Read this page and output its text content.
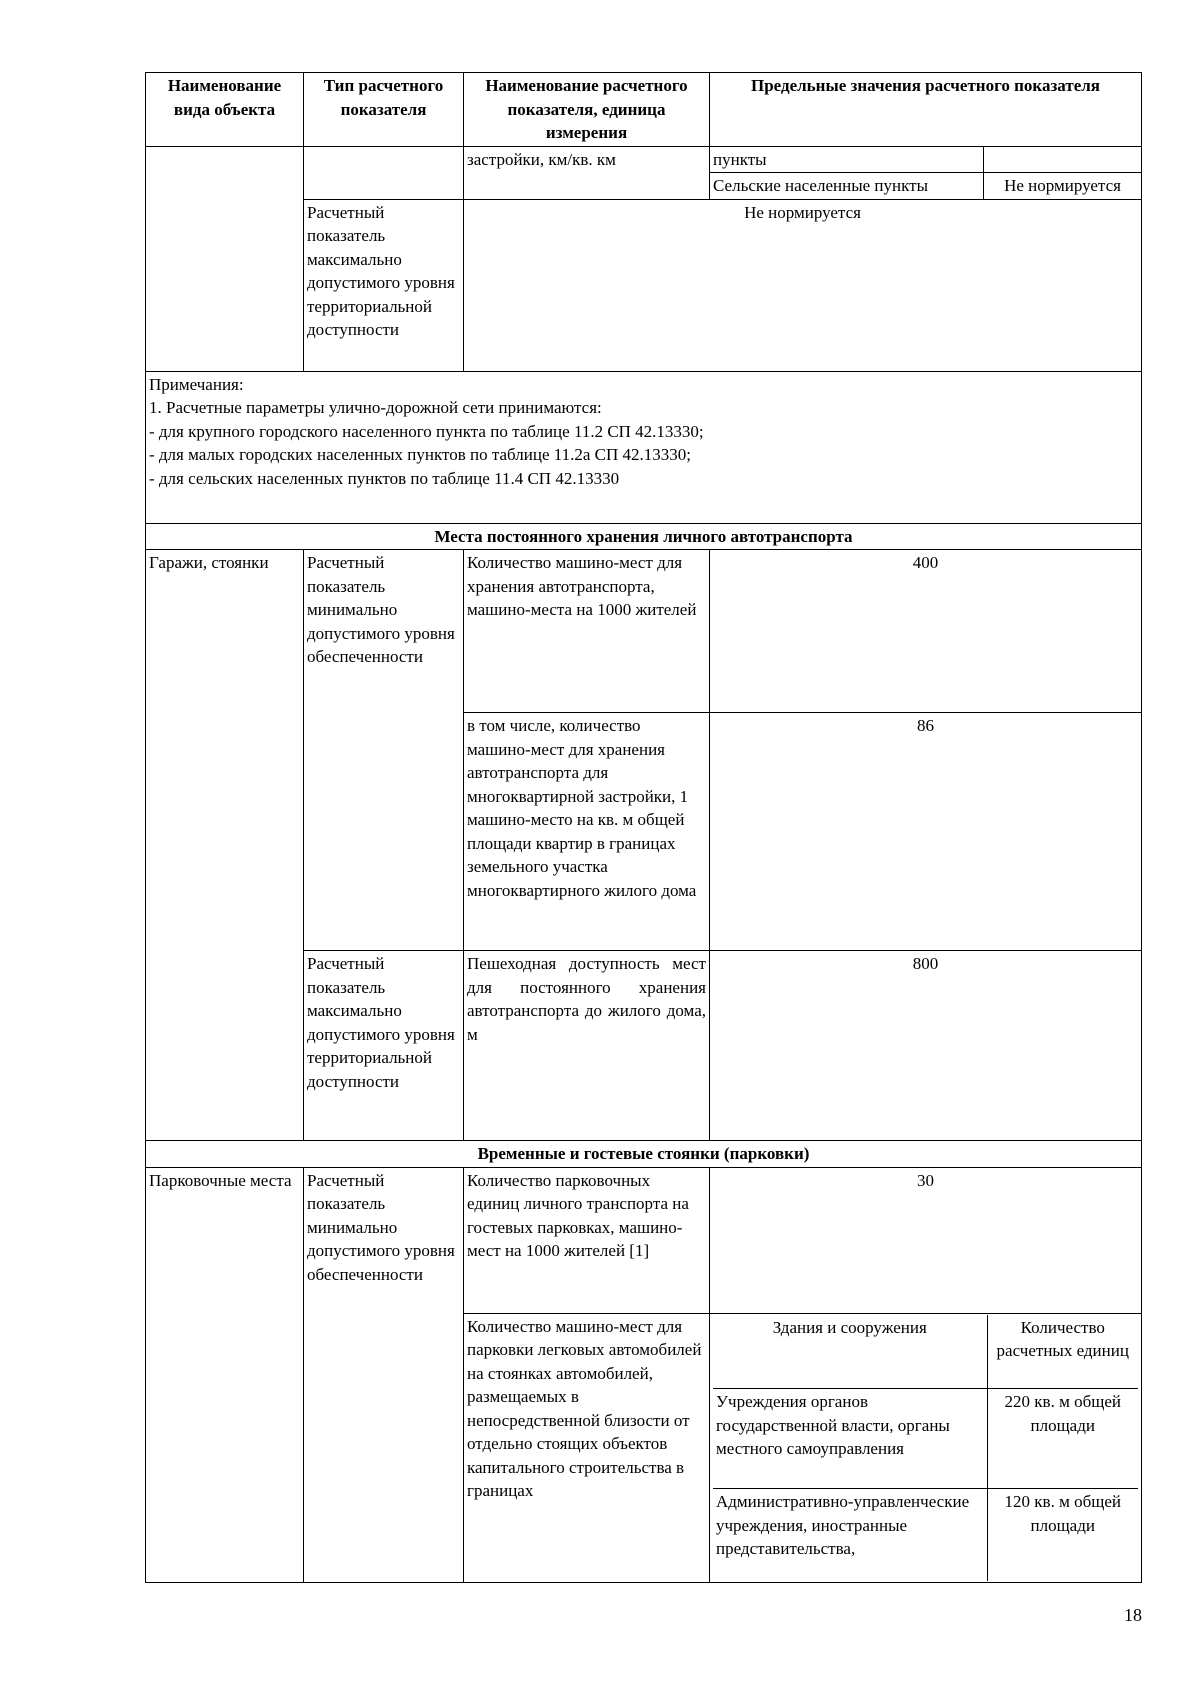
Наименование вида объекта	Тип расчетного показателя	Наименование расчетного показателя, единица измерения	Предельные значения расчетного показателя
		застройки, км/кв. км	пункты	
Сельские населенные пункты	Не нормируется
Расчетный показатель максимально допустимого уровня территориальной доступности	Не нормируется

Примечания:
1. Расчетные параметры улично-дорожной сети принимаются:
- для крупного городского населенного пункта по таблице 11.2 СП 42.13330;
- для малых городских населенных пунктов по таблице 11.2а СП 42.13330;
- для сельских населенных пунктов по таблице 11.4 СП 42.13330

Места постоянного хранения личного автотранспорта
Гаражи, стоянки	Расчетный показатель минимально допустимого уровня обеспеченности	Количество машино-мест для хранения автотранспорта, машино-места на 1000 жителей	400
в том числе, количество машино-мест для хранения автотранспорта для многоквартирной застройки, 1 машино-место на кв. м общей площади квартир в границах земельного участка многоквартирного жилого дома	86
Расчетный показатель максимально допустимого уровня территориальной доступности	Пешеходная доступность мест для постоянного хранения автотранспорта до жилого дома, м	800
Временные и гостевые стоянки (парковки)
Парковочные места	Расчетный показатель минимально допустимого уровня обеспеченности	Количество парковочных единиц личного транспорта на гостевых парковках, машино-мест на 1000 жителей [1]	30
Количество машино-мест для парковки легковых автомобилей на стоянках автомобилей, размещаемых в непосредственной близости от отдельно стоящих объектов капитального строительства в границах	
Здания и сооружения	Количество расчетных единиц
Учреждения органов государственной власти, органы местного самоуправления	220 кв. м общей площади
Административно-управленческие учреждения, иностранные представительства,	120 кв. м общей площади
18
